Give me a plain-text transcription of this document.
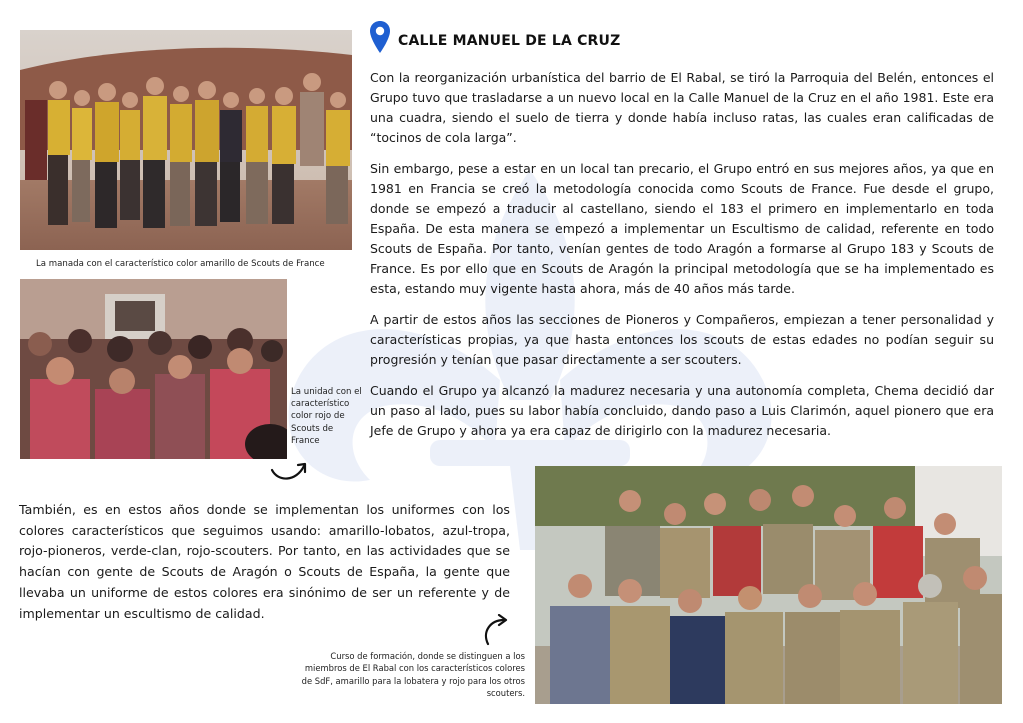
La manada con el característico color amarillo de Scouts de France
La unidad con el característico color rojo de Scouts de France
CALLE MANUEL DE LA CRUZ

Con la reorganización urbanística del barrio de El Rabal, se tiró la Parroquia del Belén, entonces el Grupo tuvo que trasladarse a un nuevo local en la Calle Manuel de la Cruz en el año 1981. Este era una cuadra, siendo el suelo de tierra y donde había incluso ratas, las cuales eran calificadas de “tocinos de cola larga”.

Sin embargo, pese a estar en un local tan precario, el Grupo entró en sus mejores años, ya que en 1981 en Francia se creó la metodología conocida como Scouts de France. Fue desde el grupo, donde se empezó a traducir al castellano, siendo el 183 el primero en implementarlo en toda España. De esta manera se empezó a implementar un Escultismo de calidad, referente en todo Scouts de España. Por tanto, venían gentes de todo Aragón a formarse al Grupo 183 y Scouts de France. Es por ello que en Scouts de Aragón la principal metodología que se ha implementado es esta, estando muy vigente hasta ahora, más de 40 años más tarde.

A partir de estos años las secciones de Pioneros y Compañeros, empiezan a tener personalidad y características propias, ya que hasta entonces los scouts de estas edades no podían seguir su progresión y tenían que pasar directamente a ser scouters.

Cuando el Grupo ya alcanzó la madurez necesaria y una autonomía completa, Chema decidió dar un paso al lado, pues su labor había concluido, dando paso a Luis Clarimón, aquel pionero que era Jefe de Grupo y ahora ya era capaz de dirigirlo con la madurez necesaria.

También, es en estos años donde se implementan los uniformes con los colores característicos que seguimos usando: amarillo-lobatos, azul-tropa, rojo-pioneros, verde-clan, rojo-scouters. Por tanto, en las actividades que se hacían con gente de Scouts de Aragón o Scouts de España, la gente que llevaba un uniforme de estos colores era sinónimo de ser un referente y de implementar un escultismo de calidad.

Curso de formación, donde se distinguen a los miembros de El Rabal con los característicos colores de SdF, amarillo para la lobatera y rojo para los otros scouters.
